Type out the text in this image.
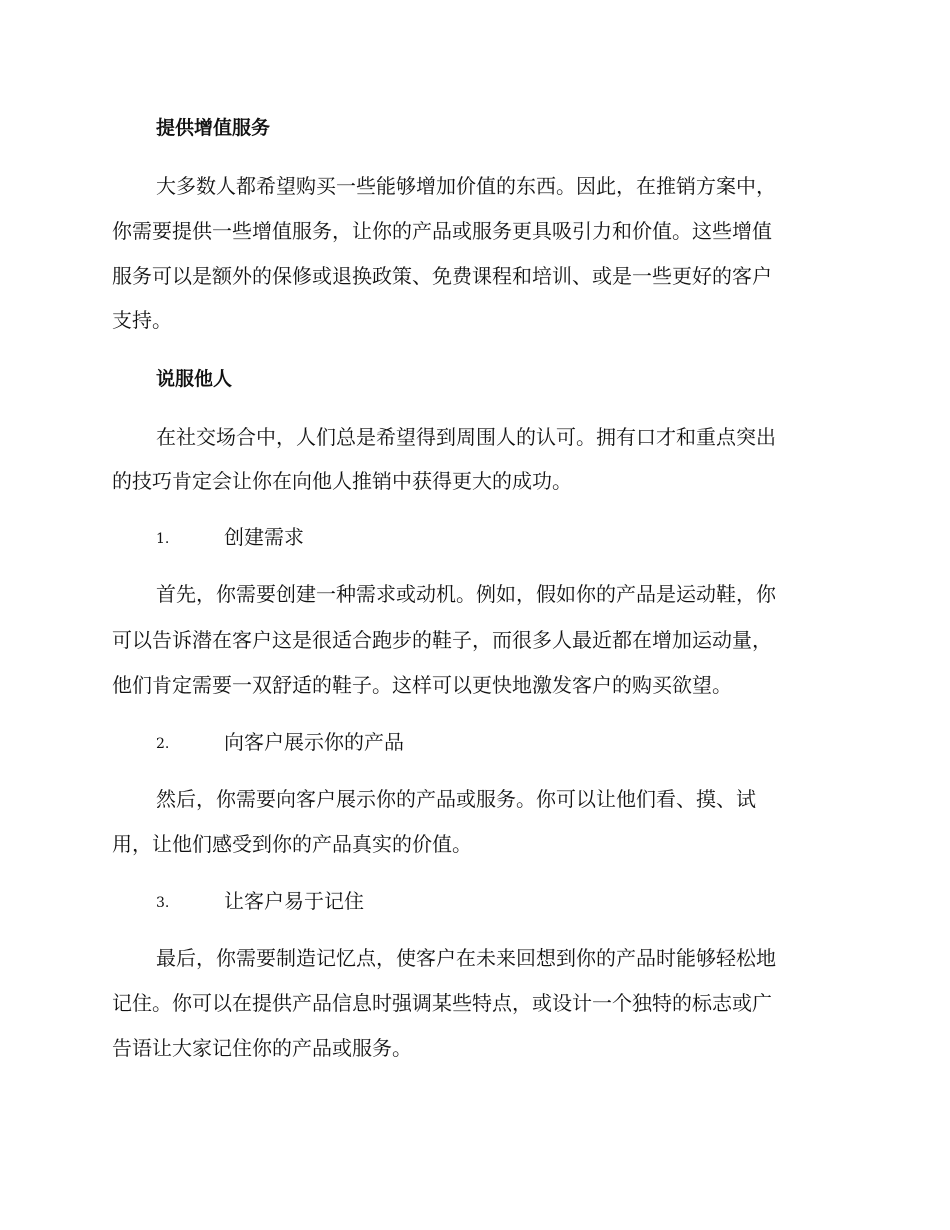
提供增值服务
大多数人都希望购买一些能够增加价值的东西。因此，在推销方案中，
你需要提供一些增值服务，让你的产品或服务更具吸引力和价值。这些增值
服务可以是额外的保修或退换政策、免费课程和培训、或是一些更好的客户
支持。
说服他人
在社交场合中，人们总是希望得到周围人的认可。拥有口才和重点突出
的技巧肯定会让你在向他人推销中获得更大的成功。
1.	创建需求
首先，你需要创建一种需求或动机。例如，假如你的产品是运动鞋，你
可以告诉潜在客户这是很适合跑步的鞋子，而很多人最近都在增加运动量，
他们肯定需要一双舒适的鞋子。这样可以更快地激发客户的购买欲望。
2.	向客户展示你的产品
然后，你需要向客户展示你的产品或服务。你可以让他们看、摸、试
用，让他们感受到你的产品真实的价值。
3.	让客户易于记住
最后，你需要制造记忆点，使客户在未来回想到你的产品时能够轻松地
记住。你可以在提供产品信息时强调某些特点，或设计一个独特的标志或广
告语让大家记住你的产品或服务。
